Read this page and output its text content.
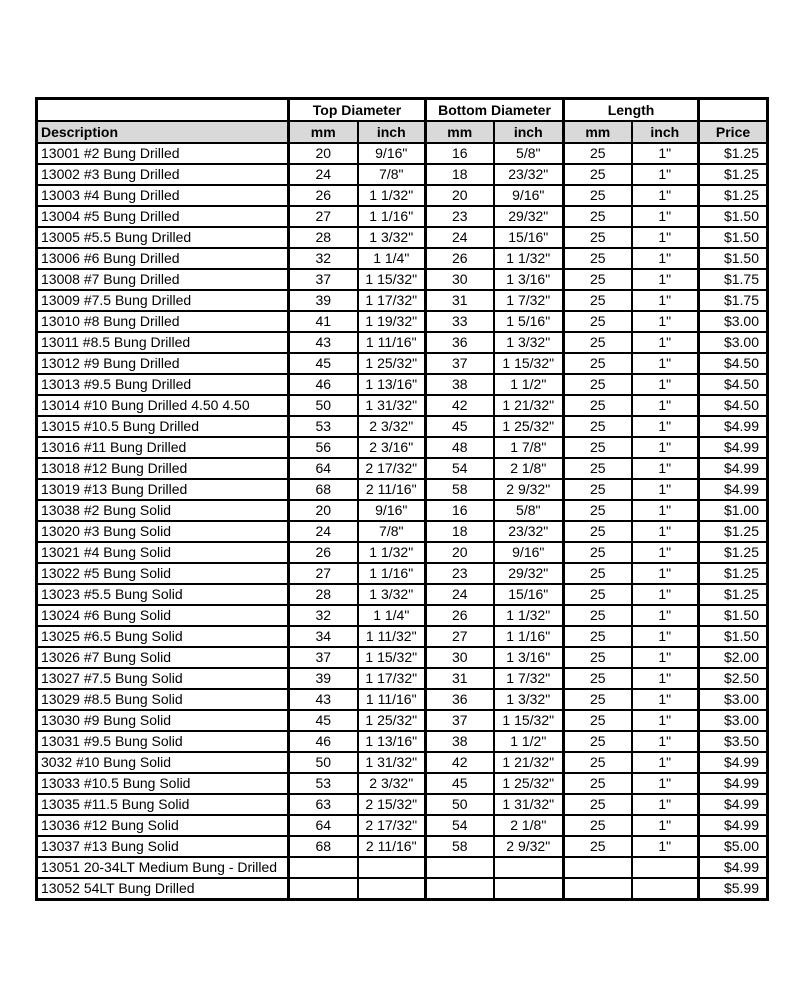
	Top Diameter		Bottom Diameter		Length		
Description	mm	inch	mm	inch	mm	inch	Price
13001 #2 Bung Drilled	20	9/16"	16	5/8"	25	1"	$1.25
13002 #3 Bung Drilled	24	7/8"	18	23/32"	25	1"	$1.25
13003 #4 Bung Drilled	26	1 1/32"	20	9/16"	25	1"	$1.25
13004 #5 Bung Drilled	27	1 1/16"	23	29/32"	25	1"	$1.50
13005 #5.5 Bung Drilled	28	1 3/32"	24	15/16"	25	1"	$1.50
13006 #6 Bung Drilled	32	1 1/4"	26	1 1/32"	25	1"	$1.50
13008 #7 Bung Drilled	37	1 15/32"	30	1 3/16"	25	1"	$1.75
13009 #7.5 Bung Drilled	39	1 17/32"	31	1 7/32"	25	1"	$1.75
13010 #8 Bung Drilled	41	1 19/32"	33	1 5/16"	25	1"	$3.00
13011 #8.5 Bung Drilled	43	1 11/16"	36	1 3/32"	25	1"	$3.00
13012 #9 Bung Drilled	45	1 25/32"	37	1 15/32"	25	1"	$4.50
13013 #9.5 Bung Drilled	46	1 13/16"	38	1 1/2"	25	1"	$4.50
13014 #10 Bung Drilled 4.50 4.50	50	1 31/32"	42	1 21/32"	25	1"	$4.50
13015 #10.5 Bung Drilled	53	2 3/32"	45	1 25/32"	25	1"	$4.99
13016 #11 Bung Drilled	56	2 3/16"	48	1 7/8"	25	1"	$4.99
13018 #12 Bung Drilled	64	2 17/32"	54	2 1/8"	25	1"	$4.99
13019 #13 Bung Drilled	68	2 11/16"	58	2 9/32"	25	1"	$4.99
13038 #2 Bung Solid	20	9/16"	16	5/8"	25	1"	$1.00
13020 #3 Bung Solid	24	7/8"	18	23/32"	25	1"	$1.25
13021 #4 Bung Solid	26	1 1/32"	20	9/16"	25	1"	$1.25
13022 #5 Bung Solid	27	1 1/16"	23	29/32"	25	1"	$1.25
13023 #5.5 Bung Solid	28	1 3/32"	24	15/16"	25	1"	$1.25
13024 #6 Bung Solid	32	1 1/4"	26	1 1/32"	25	1"	$1.50
13025 #6.5 Bung Solid	34	1 11/32"	27	1 1/16"	25	1"	$1.50
13026 #7 Bung Solid	37	1 15/32"	30	1 3/16"	25	1"	$2.00
13027 #7.5 Bung Solid	39	1 17/32"	31	1 7/32"	25	1"	$2.50
13029 #8.5 Bung Solid	43	1 11/16"	36	1 3/32"	25	1"	$3.00
13030 #9 Bung Solid	45	1 25/32"	37	1 15/32"	25	1"	$3.00
13031 #9.5 Bung Solid	46	1 13/16"	38	1 1/2"	25	1"	$3.50
3032 #10 Bung Solid	50	1 31/32"	42	1 21/32"	25	1"	$4.99
13033 #10.5 Bung Solid	53	2 3/32"	45	1 25/32"	25	1"	$4.99
13035 #11.5 Bung Solid	63	2 15/32"	50	1 31/32"	25	1"	$4.99
13036 #12 Bung Solid	64	2 17/32"	54	2 1/8"	25	1"	$4.99
13037 #13 Bung Solid	68	2 11/16"	58	2 9/32"	25	1"	$5.00
13051 20-34LT Medium Bung - Drilled							$4.99
13052 54LT Bung Drilled							$5.99
